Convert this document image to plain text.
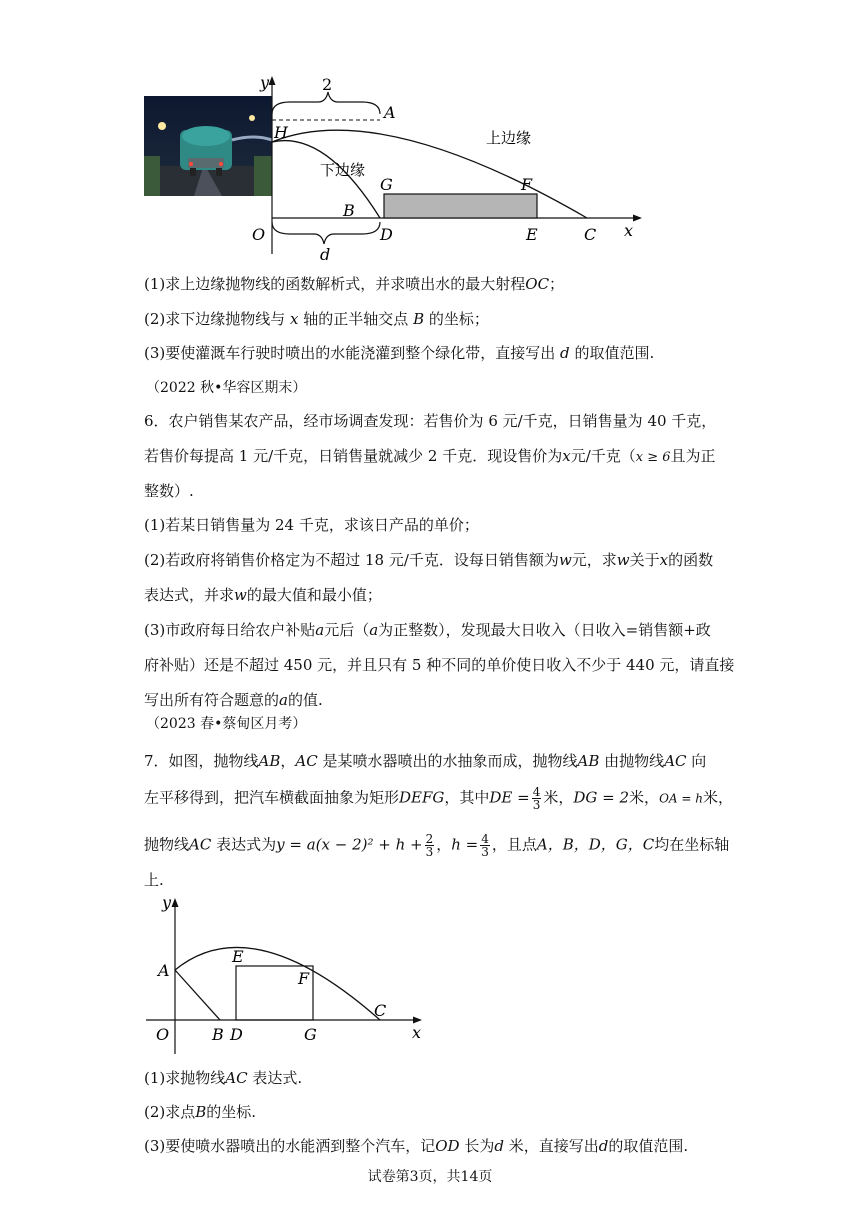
y
x
O
H
A
B
G	F
D	E	C
d
2
上边缘
下边缘
(1)求上边缘抛物线的函数解析式，并求喷出水的最大射程OC；
(2)求下边缘抛物线与 x 轴的正半轴交点 B 的坐标；
(3)要使灌溉车行驶时喷出的水能浇灌到整个绿化带，直接写出 d 的取值范围.
（2022 秋•华容区期末）
6．农户销售某农产品，经市场调查发现：若售价为 6 元/千克，日销售量为 40 千克，
若售价每提高 1 元/千克，日销售量就减少 2 千克．现设售价为x元/千克（x ≥ 6且为正
整数）.
(1)若某日销售量为 24 千克，求该日产品的单价；
(2)若政府将销售价格定为不超过 18 元/千克．设每日销售额为w元，求w关于x的函数
表达式，并求w的最大值和最小值；
(3)市政府每日给农户补贴a元后（a为正整数），发现最大日收入（日收入=销售额+政
府补贴）还是不超过 450 元，并且只有 5 种不同的单价使日收入不少于 440 元，请直接
写出所有符合题意的a的值.
（2023 春•蔡甸区月考）
7．如图，抛物线AB，AC 是某喷水器喷出的水抽象而成，抛物线AB 由抛物线AC 向
左平移得到，把汽车横截面抽象为矩形DEFG，其中DE = $\frac{4}{3}$ 米，DG = 2米，OA = h米，
抛物线AC 表达式为$y = a(x - 2)^2 + h + \frac{2}{3}$ ，$h = \frac{4}{3}$ ，且点A，B，D，G，C均在坐标轴
上.
y
x
O
A
B D
E
F
G
C
(1)求抛物线AC 表达式.
(2)求点B的坐标.
(3)要使喷水器喷出的水能洒到整个汽车，记OD 长为d 米，直接写出d的取值范围.
试卷第3页，共14页
